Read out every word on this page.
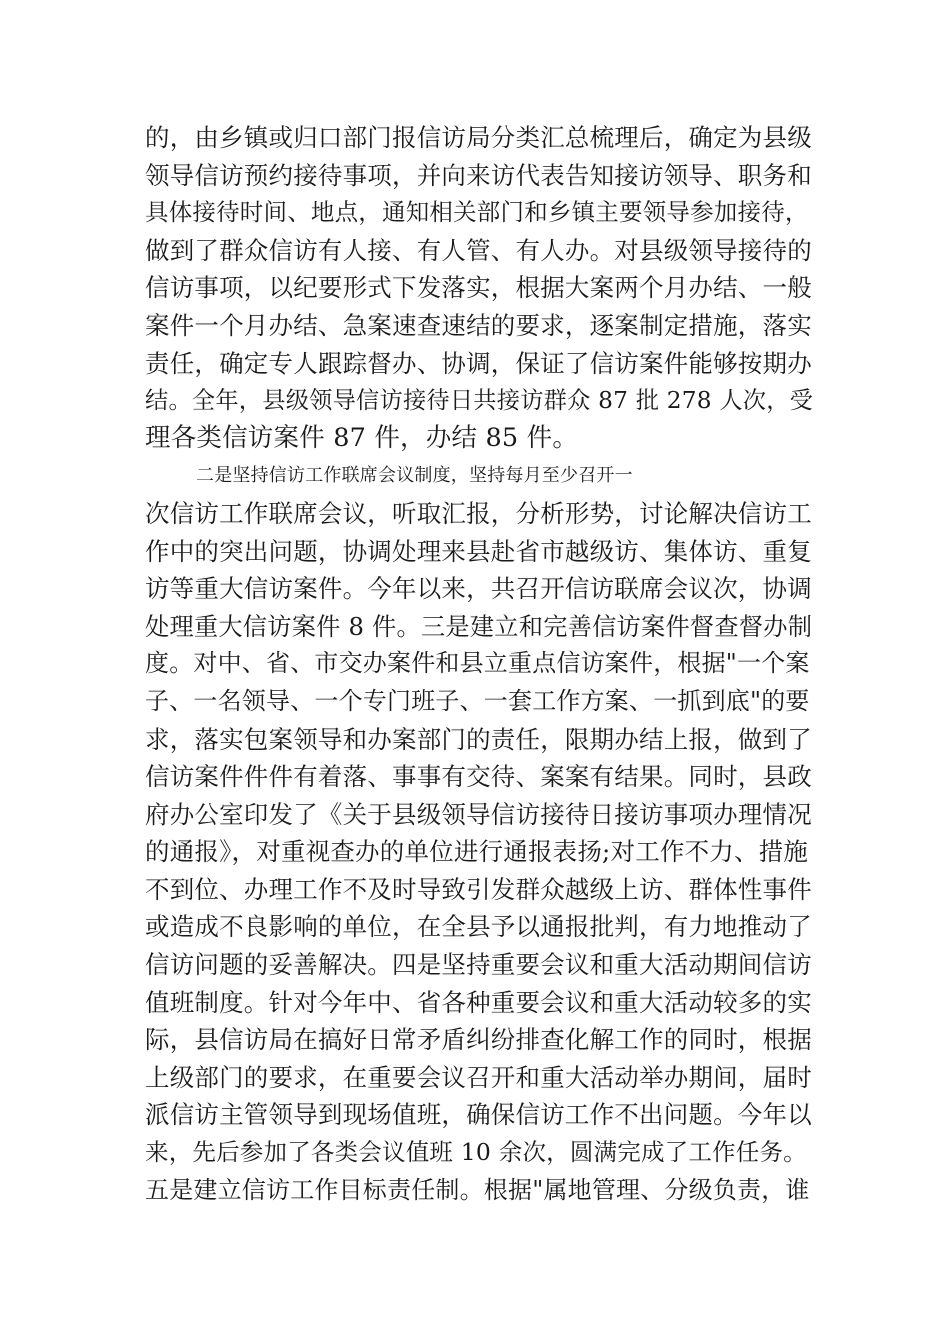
的，由乡镇或归口部门报信访局分类汇总梳理后，确定为县级
领导信访预约接待事项，并向来访代表告知接访领导、职务和
具体接待时间、地点，通知相关部门和乡镇主要领导参加接待，
做到了群众信访有人接、有人管、有人办。对县级领导接待的
信访事项，以纪要形式下发落实，根据大案两个月办结、一般
案件一个月办结、急案速查速结的要求，逐案制定措施，落实
责任，确定专人跟踪督办、协调，保证了信访案件能够按期办
结。全年，县级领导信访接待日共接访群众 87 批 278 人次，受
理各类信访案件 87 件，办结 85 件。
二是坚持信访工作联席会议制度，坚持每月至少召开一
次信访工作联席会议，听取汇报，分析形势，讨论解决信访工
作中的突出问题，协调处理来县赴省市越级访、集体访、重复
访等重大信访案件。今年以来，共召开信访联席会议次，协调
处理重大信访案件 8 件。三是建立和完善信访案件督查督办制
度。对中、省、市交办案件和县立重点信访案件，根据"一个案
子、一名领导、一个专门班子、一套工作方案、一抓到底"的要
求，落实包案领导和办案部门的责任，限期办结上报，做到了
信访案件件件有着落、事事有交待、案案有结果。同时，县政
府办公室印发了《关于县级领导信访接待日接访事项办理情况
的通报》，对重视查办的单位进行通报表扬;对工作不力、措施
不到位、办理工作不及时导致引发群众越级上访、群体性事件
或造成不良影响的单位，在全县予以通报批判，有力地推动了
信访问题的妥善解决。四是坚持重要会议和重大活动期间信访
值班制度。针对今年中、省各种重要会议和重大活动较多的实
际，县信访局在搞好日常矛盾纠纷排查化解工作的同时，根据
上级部门的要求，在重要会议召开和重大活动举办期间，届时
派信访主管领导到现场值班，确保信访工作不出问题。今年以
来，先后参加了各类会议值班 10 余次，圆满完成了工作任务。
五是建立信访工作目标责任制。根据"属地管理、分级负责，谁
